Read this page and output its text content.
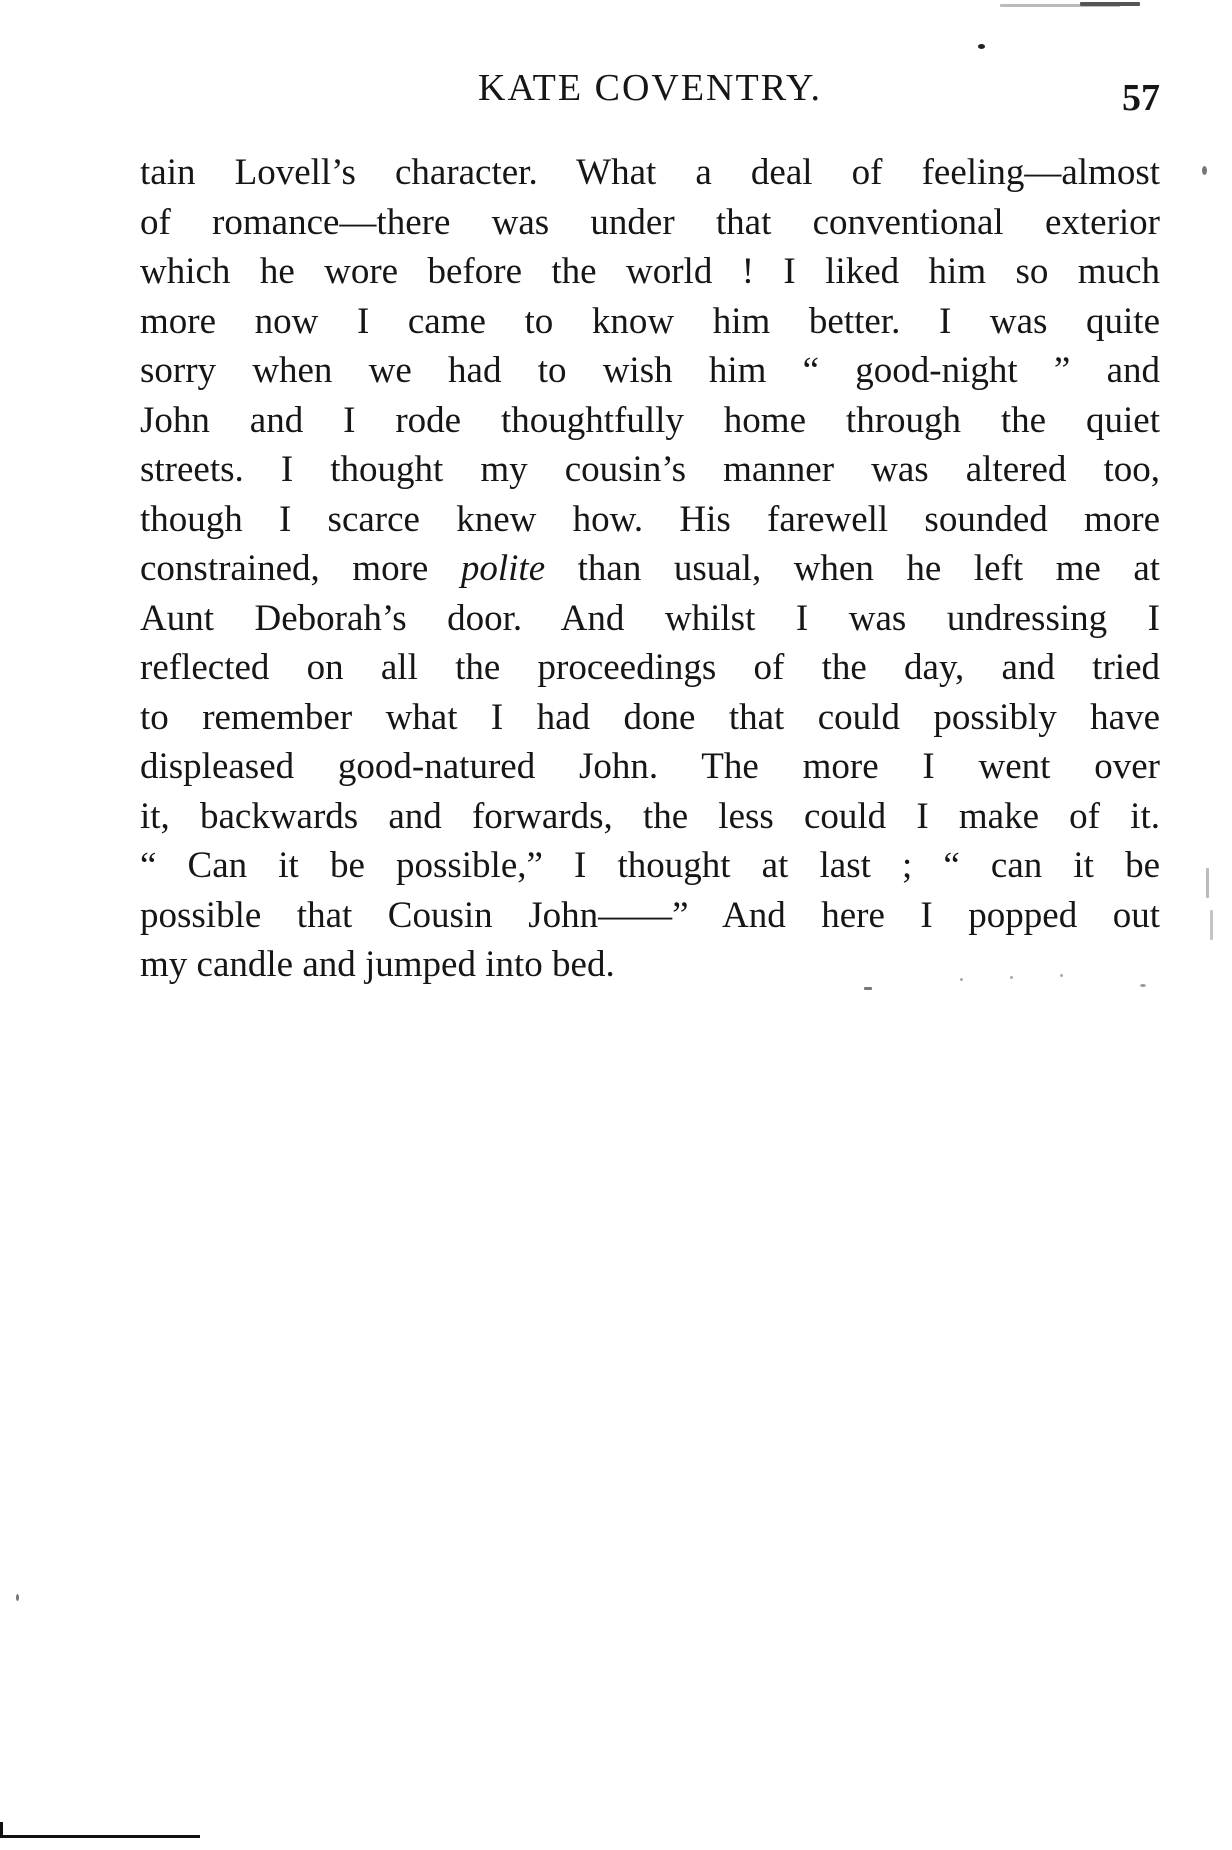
KATE COVENTRY.	57
tain Lovell’s character. What a deal of feeling—almost
of romance—there was under that conventional exterior
which he wore before the world ! I liked him so much
more now I came to know him better. I was quite
sorry when we had to wish him “ good-night ” and
John and I rode thoughtfully home through the quiet
streets. I thought my cousin’s manner was altered too,
though I scarce knew how. His farewell sounded more
constrained, more polite than usual, when he left me at
Aunt Deborah’s door. And whilst I was undressing I
reflected on all the proceedings of the day, and tried
to remember what I had done that could possibly have
displeased good-natured John. The more I went over
it, backwards and forwards, the less could I make of it.
“ Can it be possible,” I thought at last ; “ can it be
possible that Cousin John——” And here I popped out
my candle and jumped into bed.
